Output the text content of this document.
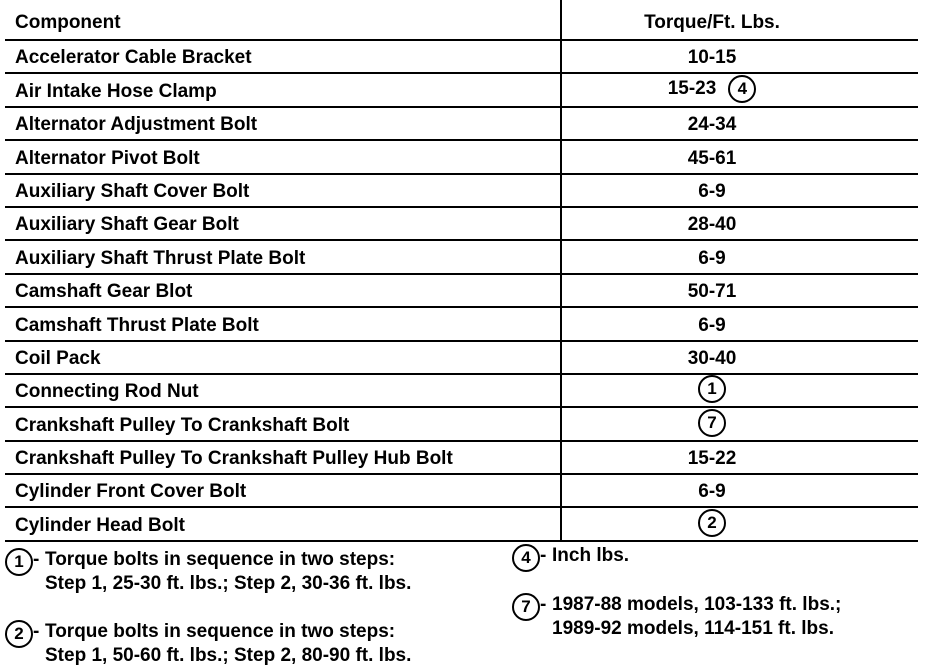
Component	Torque/Ft. Lbs.
Accelerator Cable Bracket	10-15
Air Intake Hose Clamp	15-23 4
Alternator Adjustment Bolt	24-34
Alternator Pivot Bolt	45-61
Auxiliary Shaft Cover Bolt	6-9
Auxiliary Shaft Gear Bolt	28-40
Auxiliary Shaft Thrust Plate Bolt	6-9
Camshaft Gear Blot	50-71
Camshaft Thrust Plate Bolt	6-9
Coil Pack	30-40
Connecting Rod Nut	1
Crankshaft Pulley To Crankshaft Bolt	7
Crankshaft Pulley To Crankshaft Pulley Hub Bolt	15-22
Cylinder Front Cover Bolt	6-9
Cylinder Head Bolt	2
1 - Torque bolts in sequence in two steps:
Step 1, 25-30 ft. lbs.; Step 2, 30-36 ft. lbs.
2 - Torque bolts in sequence in two steps:
Step 1, 50-60 ft. lbs.; Step 2, 80-90 ft. lbs.
4 - Inch lbs.
7 - 1987-88 models, 103-133 ft. lbs.;
1989-92 models, 114-151 ft. lbs.
